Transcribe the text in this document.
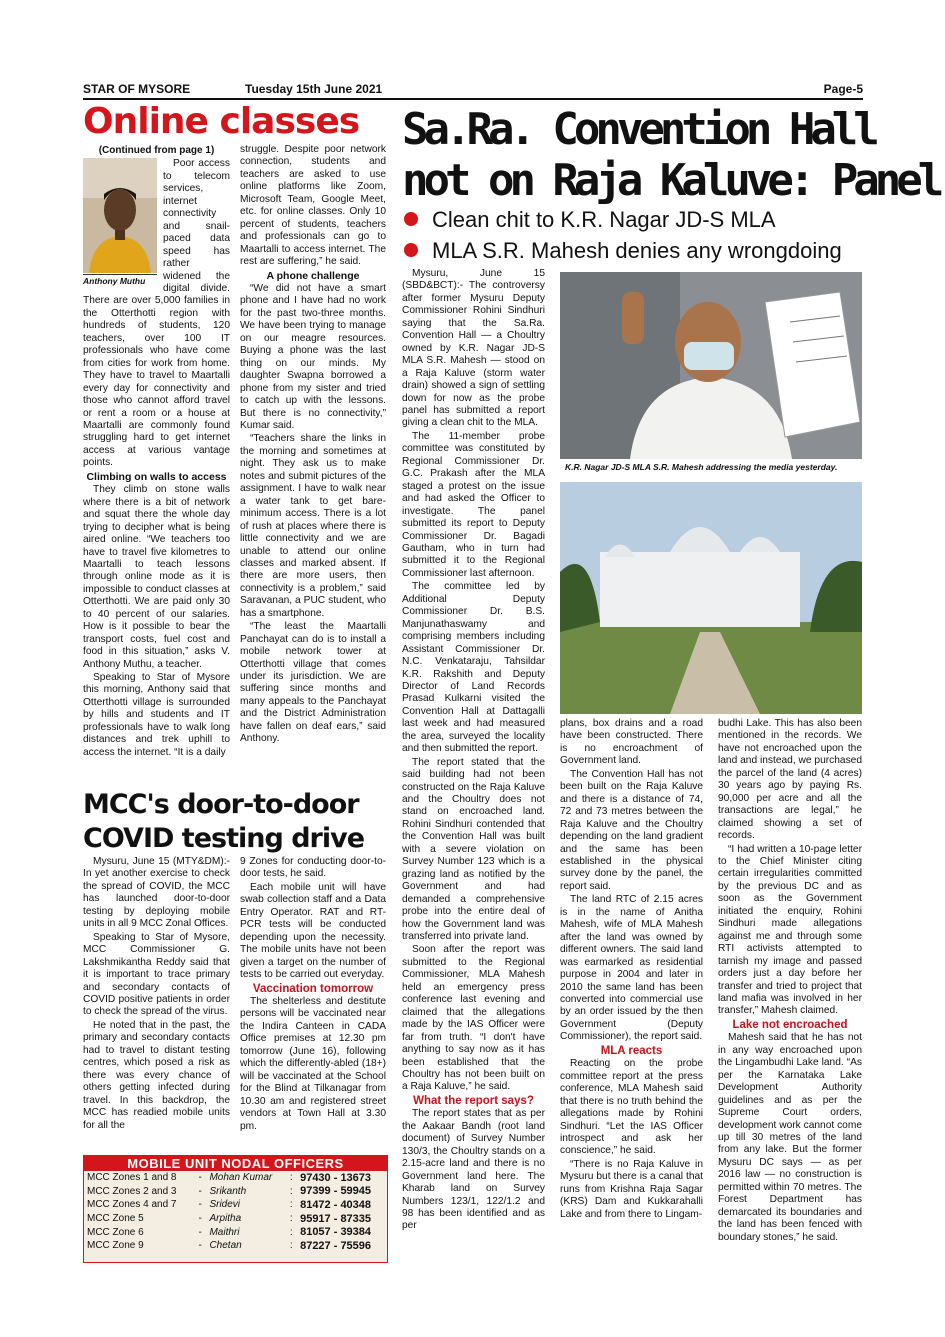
STAR OF MYSORE	Tuesday 15th June 2021	Page-5
Online classes
(Continued from page 1)
Anthony Muthu

Poor access to telecom services, internet connectivity and snail-paced data speed has rather widened the digital divide. There are over 5,000 families in the Otterthotti region with hundreds of students, 120 teachers, over 100 IT professionals who have come from cities for work from home. They have to travel to Maartalli every day for connectivity and those who cannot afford travel or rent a room or a house at Maartalli are commonly found struggling hard to get internet access at various vantage points.

Climbing on walls to access

They climb on stone walls where there is a bit of network and squat there the whole day trying to decipher what is being aired online. “We teachers too have to travel five kilometres to Maartalli to teach lessons through online mode as it is impossible to conduct classes at Otterthotti. We are paid only 30 to 40 percent of our salaries. How is it possible to bear the transport costs, fuel cost and food in this situation,” asks V. Anthony Muthu, a teacher.

Speaking to Star of Mysore this morning, Anthony said that Otterthotti village is surrounded by hills and students and IT professionals have to walk long distances and trek uphill to access the internet. “It is a daily

struggle. Despite poor network connection, students and teachers are asked to use online platforms like Zoom, Microsoft Team, Google Meet, etc. for online classes. Only 10 percent of students, teachers and professionals can go to Maartalli to access internet. The rest are suffering,” he said.

A phone challenge

“We did not have a smart phone and I have had no work for the past two-three months. We have been trying to manage on our meagre resources. Buying a phone was the last thing on our minds. My daughter Swapna borrowed a phone from my sister and tried to catch up with the lessons. But there is no connectivity,” Kumar said.

“Teachers share the links in the morning and sometimes at night. They ask us to make notes and submit pictures of the assignment. I have to walk near a water tank to get bare-minimum access. There is a lot of rush at places where there is little connectivity and we are unable to attend our online classes and marked absent. If there are more users, then connectivity is a problem,” said Saravanan, a PUC student, who has a smartphone.

“The least the Maartalli Panchayat can do is to install a mobile network tower at Otterthotti village that comes under its jurisdiction. We are suffering since months and many appeals to the Panchayat and the District Administration have fallen on deaf ears,” said Anthony.

MCC's door-to-door
COVID testing drive

Mysuru, June 15 (MTY&DM):- In yet another exercise to check the spread of COVID, the MCC has launched door-to-door testing by deploying mobile units in all 9 MCC Zonal Offices.

Speaking to Star of Mysore, MCC Commissioner G. Lakshmikantha Reddy said that it is important to trace primary and secondary contacts of COVID positive patients in order to check the spread of the virus.

He noted that in the past, the primary and secondary contacts had to travel to distant testing centres, which posed a risk as there was every chance of others getting infected during travel. In this backdrop, the MCC has readied mobile units for all the

9 Zones for conducting door-to-door tests, he said.

Each mobile unit will have swab collection staff and a Data Entry Operator. RAT and RT-PCR tests will be conducted depending upon the necessity. The mobile units have not been given a target on the number of tests to be carried out everyday.

Vaccination tomorrow

The shelterless and destitute persons will be vaccinated near the Indira Canteen in CADA Office premises at 12.30 pm tomorrow (June 16), following which the differently-abled (18+) will be vaccinated at the School for the Blind at Tilkanagar from 10.30 am and registered street vendors at Town Hall at 3.30 pm.

MOBILE UNIT NODAL OFFICERS
MCC Zones 1 and 8	-	Mohan Kumar	:	97430 - 13673
MCC Zones 2 and 3	-	Srikanth	:	97399 - 59945
MCC Zones 4 and 7	-	Sridevi	:	81472 - 40348
MCC Zone 5	-	Arpitha	:	95917 - 87335
MCC Zone 6	-	Maithri	:	81057 - 39384
MCC Zone 9	-	Chetan	:	87227 - 75596
Sa.Ra. Convention Hall
not on Raja Kaluve: Panel
Clean chit to K.R. Nagar JD-S MLA
MLA S.R. Mahesh denies any wrongdoing
K.R. Nagar JD-S MLA S.R. Mahesh addressing the media yesterday.

Mysuru, June 15 (SBD&BCT):- The controversy after former Mysuru Deputy Commissioner Rohini Sindhuri saying that the Sa.Ra. Convention Hall — a Choultry owned by K.R. Nagar JD-S MLA S.R. Mahesh — stood on a Raja Kaluve (storm water drain) showed a sign of settling down for now as the probe panel has submitted a report giving a clean chit to the MLA.

The 11-member probe committee was constituted by Regional Commissioner Dr. G.C. Prakash after the MLA staged a protest on the issue and had asked the Officer to investigate. The panel submitted its report to Deputy Commissioner Dr. Bagadi Gautham, who in turn had submitted it to the Regional Commissioner last afternoon.

The committee led by Additional Deputy Commissioner Dr. B.S. Manjunathaswamy and comprising members including Assistant Commissioner Dr. N.C. Venkataraju, Tahsildar K.R. Rakshith and Deputy Director of Land Records Prasad Kulkarni visited the Convention Hall at Dattagalli last week and had measured the area, surveyed the locality and then submitted the report.

The report stated that the said building had not been constructed on the Raja Kaluve and the Choultry does not stand on encroached land. Rohini Sindhuri contended that the Convention Hall was built with a severe violation on Survey Number 123 which is a grazing land as notified by the Government and had demanded a comprehensive probe into the entire deal of how the Government land was transferred into private land.

Soon after the report was submitted to the Regional Commissioner, MLA Mahesh held an emergency press conference last evening and claimed that the allegations made by the IAS Officer were far from truth. “I don't have anything to say now as it has been established that the Choultry has not been built on a Raja Kaluve,” he said.

What the report says?

The report states that as per the Aakaar Bandh (root land document) of Survey Number 130/3, the Choultry stands on a 2.15-acre land and there is no Government land here. The Kharab land on Survey Numbers 123/1, 122/1.2 and 98 has been identified and as per

plans, box drains and a road have been constructed. There is no encroachment of Government land.

The Convention Hall has not been built on the Raja Kaluve and there is a distance of 74, 72 and 73 metres between the Raja Kaluve and the Choultry depending on the land gradient and the same has been established in the physical survey done by the panel, the report said.

The land RTC of 2.15 acres is in the name of Anitha Mahesh, wife of MLA Mahesh after the land was owned by different owners. The said land was earmarked as residential purpose in 2004 and later in 2010 the same land has been converted into commercial use by an order issued by the then Government (Deputy Commissioner), the report said.

MLA reacts

Reacting on the probe committee report at the press conference, MLA Mahesh said that there is no truth behind the allegations made by Rohini Sindhuri. “Let the IAS Officer introspect and ask her conscience,” he said.

“There is no Raja Kaluve in Mysuru but there is a canal that runs from Krishna Raja Sagar (KRS) Dam and Kukkarahalli Lake and from there to Lingam-

budhi Lake. This has also been mentioned in the records. We have not encroached upon the land and instead, we purchased the parcel of the land (4 acres) 30 years ago by paying Rs. 90,000 per acre and all the transactions are legal,” he claimed showing a set of records.

“I had written a 10-page letter to the Chief Minister citing certain irregularities committed by the previous DC and as soon as the Government initiated the enquiry, Rohini Sindhuri made allegations against me and through some RTI activists attempted to tarnish my image and passed orders just a day before her transfer and tried to project that land mafia was involved in her transfer,” Mahesh claimed.

Lake not encroached

Mahesh said that he has not in any way encroached upon the Lingambudhi Lake land. “As per the Karnataka Lake Development Authority guidelines and as per the Supreme Court orders, development work cannot come up till 30 metres of the land from any lake. But the former Mysuru DC says — as per 2016 law — no construction is permitted within 70 metres. The Forest Department has demarcated its boundaries and the land has been fenced with boundary stones,” he said.
